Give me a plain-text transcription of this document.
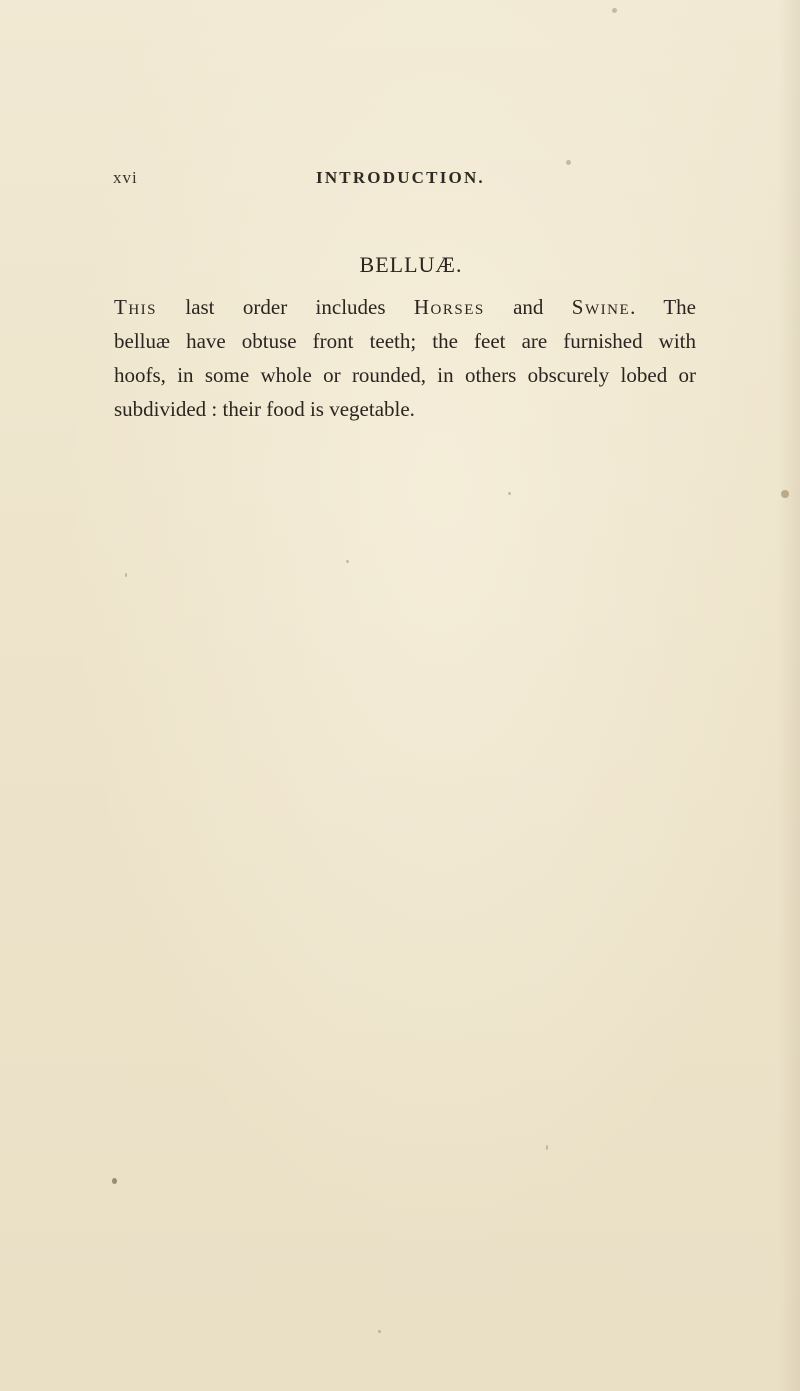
xvi	INTRODUCTION.
BELLUÆ.
This last order includes Horses and Swine. The
belluæ have obtuse front teeth; the feet are furnished with
hoofs, in some whole or rounded, in others obscurely lobed or
subdivided : their food is vegetable.
